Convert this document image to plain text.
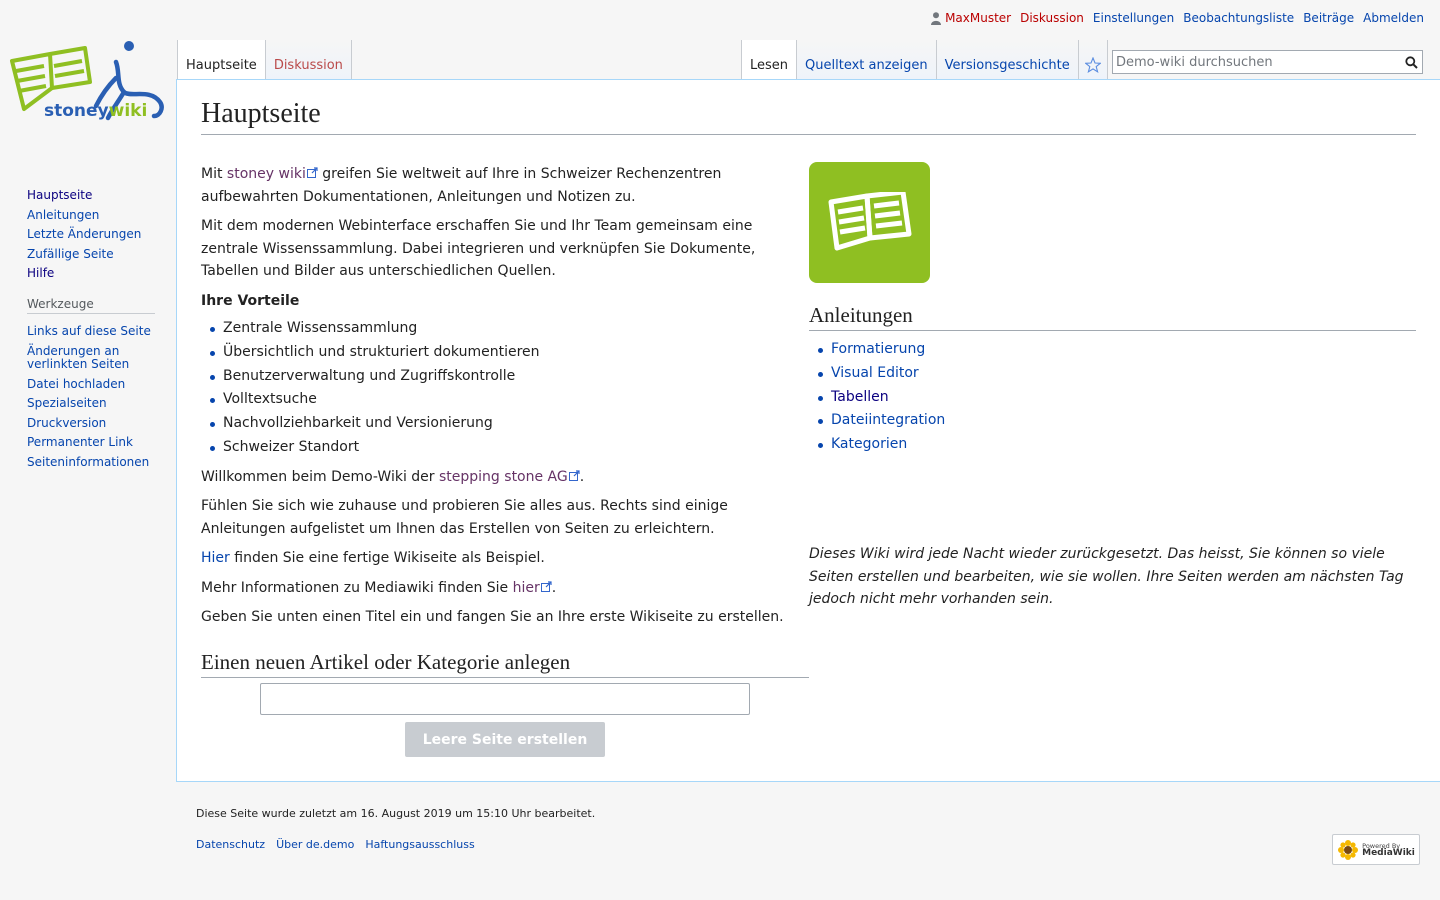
MaxMuster Diskussion Einstellungen Beobachtungsliste Beiträge Abmelden
stoneywiki
Hauptseite Diskussion	Lesen Quelltext anzeigen Versionsgeschichte
Demo-wiki durchsuchen
Hauptseite

Mit stoney wiki greifen Sie weltweit auf Ihre in Schweizer Rechenzentren aufbewahrten Dokumentationen, Anleitungen und Notizen zu.

Mit dem modernen Webinterface erschaffen Sie und Ihr Team gemeinsam eine zentrale Wissenssammlung. Dabei integrieren und verknüpfen Sie Dokumente, Tabellen und Bilder aus unterschiedlichen Quellen.

Ihre Vorteile

Zentrale Wissenssammlung
Übersichtlich und strukturiert dokumentieren
Benutzerverwaltung und Zugriffskontrolle
Volltextsuche
Nachvollziehbarkeit und Versionierung
Schweizer Standort

Willkommen beim Demo-Wiki der stepping stone AG .

Fühlen Sie sich wie zuhause und probieren Sie alles aus. Rechts sind einige Anleitungen aufgelistet um Ihnen das Erstellen von Seiten zu erleichtern.

Hier finden Sie eine fertige Wikiseite als Beispiel.

Mehr Informationen zu Mediawiki finden Sie hier .

Geben Sie unten einen Titel ein und fangen Sie an Ihre erste Wikiseite zu erstellen.

Einen neuen Artikel oder Kategorie anlegen
Leere Seite erstellen
Anleitungen
Formatierung
Visual Editor
Tabellen
Dateiintegration
Kategorien
Dieses Wiki wird jede Nacht wieder zurückgesetzt. Das heisst, Sie können so viele Seiten erstellen und bearbeiten, wie sie wollen. Ihre Seiten werden am nächsten Tag jedoch nicht mehr vorhanden sein.
Hauptseite
Anleitungen
Letzte Änderungen
Zufällige Seite
Hilfe
Werkzeuge
Links auf diese Seite
Änderungen an verlinkten Seiten
Datei hochladen
Spezialseiten
Druckversion
Permanenter Link
Seiteninformationen
Diese Seite wurde zuletzt am 16. August 2019 um 15:10 Uhr bearbeitet.
Datenschutz Über de.demo Haftungsausschluss	Powered By
MediaWiki
